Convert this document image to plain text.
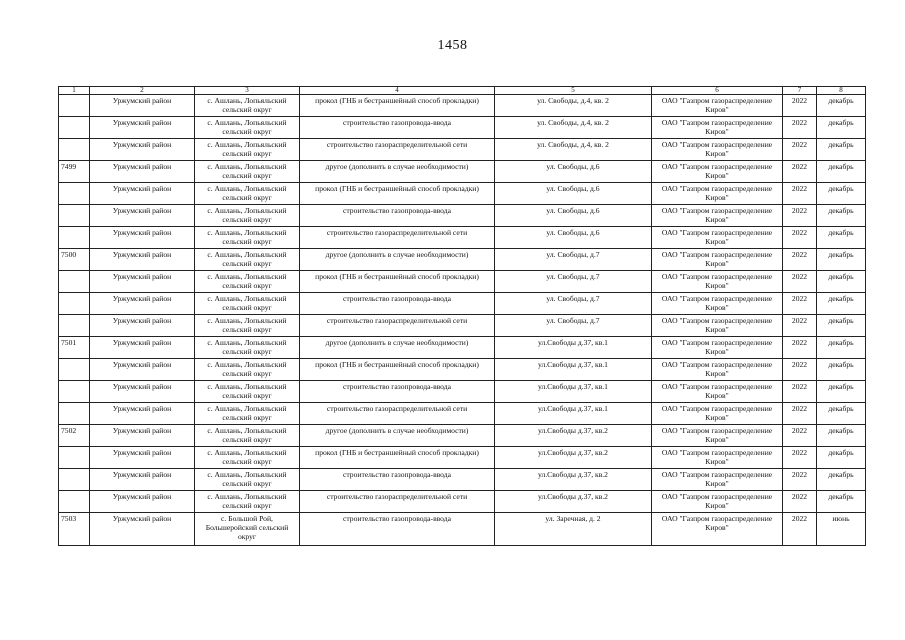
1458
1	2	3	4	5	6	7	8
	Уржумский район	с. Ашлань, Лопьяльский сельский округ	прокол (ГНБ и бестраншейный способ прокладки)	ул. Свободы, д.4, кв. 2	ОАО "Газпром газораспределение Киров"	2022	декабрь
	Уржумский район	с. Ашлань, Лопьяльский сельский округ	строительство газопровода-ввода	ул. Свободы, д.4, кв. 2	ОАО "Газпром газораспределение Киров"	2022	декабрь
	Уржумский район	с. Ашлань, Лопьяльский сельский округ	строительство газораспределительной сети	ул. Свободы, д.4, кв. 2	ОАО "Газпром газораспределение Киров"	2022	декабрь
7499	Уржумский район	с. Ашлань, Лопьяльский сельский округ	другое (дополнить в случае необходимости)	ул. Свободы, д.6	ОАО "Газпром газораспределение Киров"	2022	декабрь
	Уржумский район	с. Ашлань, Лопьяльский сельский округ	прокол (ГНБ и бестраншейный способ прокладки)	ул. Свободы, д.6	ОАО "Газпром газораспределение Киров"	2022	декабрь
	Уржумский район	с. Ашлань, Лопьяльский сельский округ	строительство газопровода-ввода	ул. Свободы, д.6	ОАО "Газпром газораспределение Киров"	2022	декабрь
	Уржумский район	с. Ашлань, Лопьяльский сельский округ	строительство газораспределительной сети	ул. Свободы, д.6	ОАО "Газпром газораспределение Киров"	2022	декабрь
7500	Уржумский район	с. Ашлань, Лопьяльский сельский округ	другое (дополнить в случае необходимости)	ул. Свободы, д.7	ОАО "Газпром газораспределение Киров"	2022	декабрь
	Уржумский район	с. Ашлань, Лопьяльский сельский округ	прокол (ГНБ и бестраншейный способ прокладки)	ул. Свободы, д.7	ОАО "Газпром газораспределение Киров"	2022	декабрь
	Уржумский район	с. Ашлань, Лопьяльский сельский округ	строительство газопровода-ввода	ул. Свободы, д.7	ОАО "Газпром газораспределение Киров"	2022	декабрь
	Уржумский район	с. Ашлань, Лопьяльский сельский округ	строительство газораспределительной сети	ул. Свободы, д.7	ОАО "Газпром газораспределение Киров"	2022	декабрь
7501	Уржумский район	с. Ашлань, Лопьяльский сельский округ	другое (дополнить в случае необходимости)	ул.Свободы д.37, кв.1	ОАО "Газпром газораспределение Киров"	2022	декабрь
	Уржумский район	с. Ашлань, Лопьяльский сельский округ	прокол (ГНБ и бестраншейный способ прокладки)	ул.Свободы д.37, кв.1	ОАО "Газпром газораспределение Киров"	2022	декабрь
	Уржумский район	с. Ашлань, Лопьяльский сельский округ	строительство газопровода-ввода	ул.Свободы д.37, кв.1	ОАО "Газпром газораспределение Киров"	2022	декабрь
	Уржумский район	с. Ашлань, Лопьяльский сельский округ	строительство газораспределительной сети	ул.Свободы д.37, кв.1	ОАО "Газпром газораспределение Киров"	2022	декабрь
7502	Уржумский район	с. Ашлань, Лопьяльский сельский округ	другое (дополнить в случае необходимости)	ул.Свободы д.37, кв.2	ОАО "Газпром газораспределение Киров"	2022	декабрь
	Уржумский район	с. Ашлань, Лопьяльский сельский округ	прокол (ГНБ и бестраншейный способ прокладки)	ул.Свободы д.37, кв.2	ОАО "Газпром газораспределение Киров"	2022	декабрь
	Уржумский район	с. Ашлань, Лопьяльский сельский округ	строительство газопровода-ввода	ул.Свободы д.37, кв.2	ОАО "Газпром газораспределение Киров"	2022	декабрь
	Уржумский район	с. Ашлань, Лопьяльский сельский округ	строительство газораспределительной сети	ул.Свободы д.37, кв.2	ОАО "Газпром газораспределение Киров"	2022	декабрь
7503	Уржумский район	с. Большой Рой, Большеройский сельский округ	строительство газопровода-ввода	ул. Заречная, д. 2	ОАО "Газпром газораспределение Киров"	2022	июнь
